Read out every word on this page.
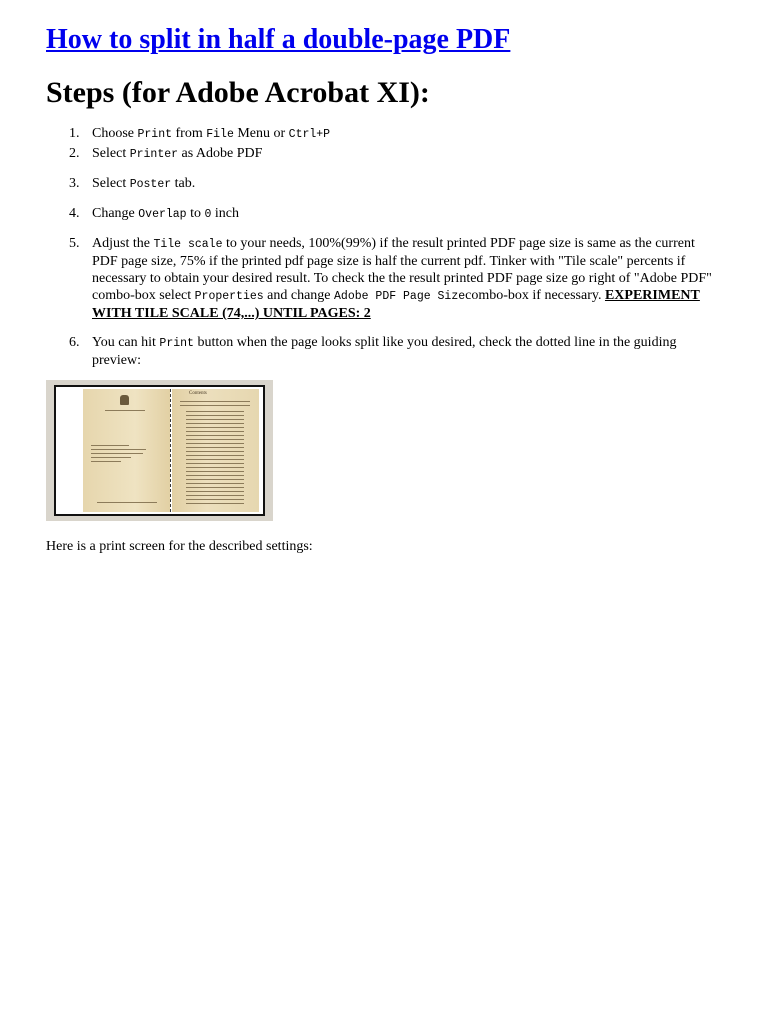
How to split in half a double-page PDF
Steps (for Adobe Acrobat XI):
1. Choose Print from File Menu or Ctrl+P
2. Select Printer as Adobe PDF
3. Select Poster tab.
4. Change Overlap to 0 inch
5. Adjust the Tile scale to your needs, 100%(99%) if the result printed PDF page size is same as the current PDF page size, 75% if the printed pdf page size is half the current pdf. Tinker with "Tile scale" percents if necessary to obtain your desired result. To check the the result printed PDF page size go right of "Adobe PDF" combo-box select Properties and change Adobe PDF Page Sizecombo-box if necessary. EXPERIMENT WITH TILE SCALE (74,...) UNTIL PAGES: 2
6. You can hit Print button when the page looks split like you desired, check the dotted line in the guiding preview:
Contents

Here is a print screen for the described settings:
